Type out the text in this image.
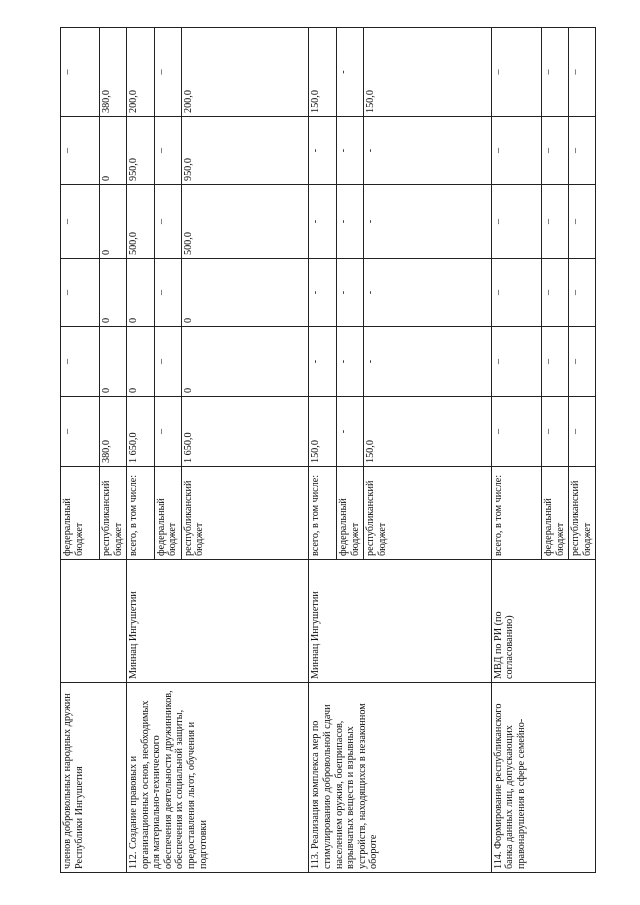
членов добровольных народных дружин Республики Ингушетия		федеральный бюджет	–	–	–	–	–	–
		республиканский бюджет	380,0	0	0	0	0	380,0
112. Создание правовых и организационных основ, необходимых для материально-технического обеспечения деятельности дружинников, обеспечения их социальной защиты, предоставления льгот, обучения и подготовки	Миннац Ингушетии	всего, в том числе:	1 650,0	0	0	500,0	950,0	200,0
		федеральный бюджет	–	–	–	–	–	–
		республиканский бюджет	1 650,0	0	0	500,0	950,0	200,0
113. Реализация комплекса мер по стимулированию добровольной сдачи населением оружия, боеприпасов, взрывчатых веществ и взрывных устройств, находящихся в незаконном обороте	Миннац Ингушетии	всего, в том числе:	150,0	-	-	-	-	150,0
		федеральный бюджет	-	-	-	-	-	-
		республиканский бюджет	150,0	-	-	-	-	150,0
114. Формирование республиканского банка данных лиц, допускающих правонарушения в сфере семейно-	МВД по РИ (по согласованию)	всего, в том числе:	–	–	–	–	–	–
		федеральный бюджет	–	–	–	–	–	–
		республиканский бюджет	–	–	–	–	–	–
